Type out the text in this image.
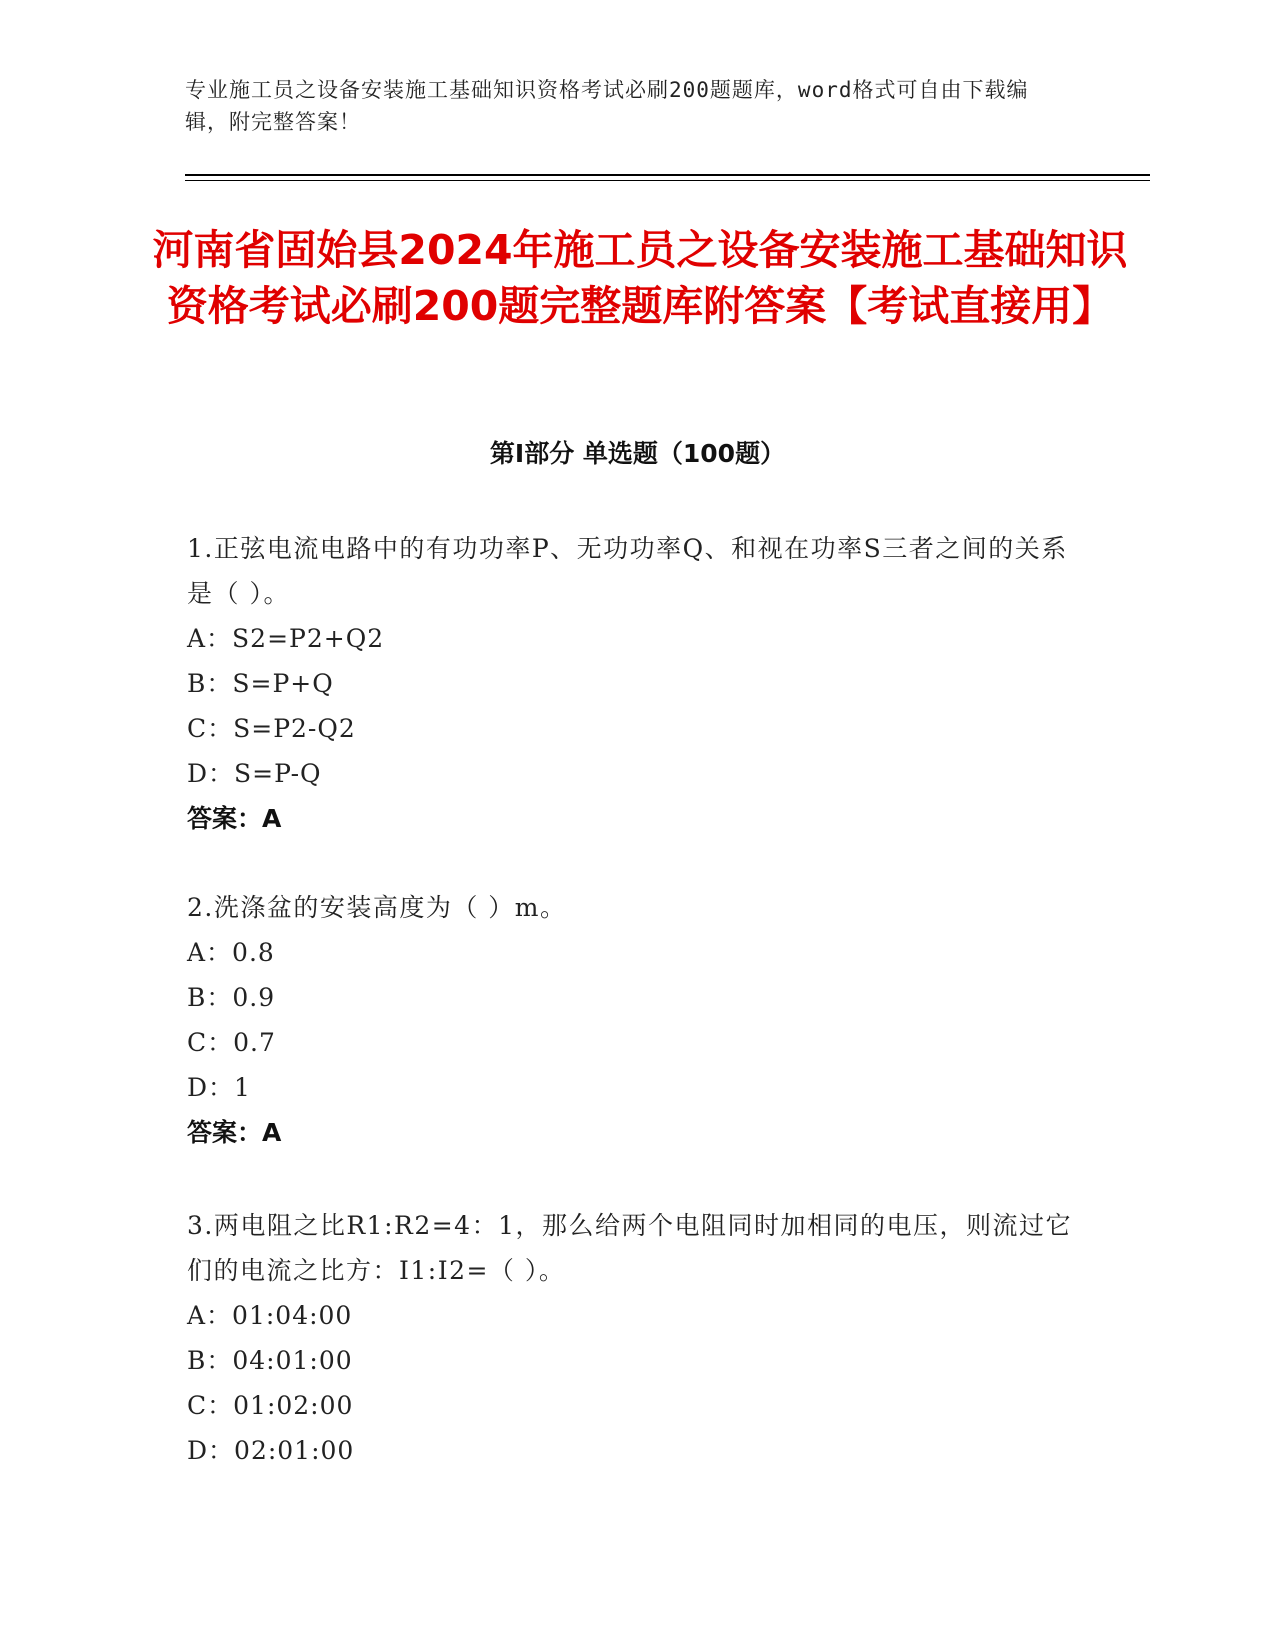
专业施工员之设备安装施工基础知识资格考试必刷200题题库，word格式可自由下载编辑，附完整答案！
河南省固始县2024年施工员之设备安装施工基础知识资格考试必刷200题完整题库附答案【考试直接用】
第I部分 单选题（100题）
1.正弦电流电路中的有功功率P、无功功率Q、和视在功率S三者之间的关系是（ ）。
A：S2=P2+Q2
B：S=P+Q
C：S=P2-Q2
D：S=P-Q
答案：A
2.洗涤盆的安装高度为（ ）m。
A：0.8
B：0.9
C：0.7
D：1
答案：A
3.两电阻之比R1:R2=4：1，那么给两个电阻同时加相同的电压，则流过它们的电流之比方：I1:I2=（ ）。
A：01:04:00
B：04:01:00
C：01:02:00
D：02:01:00
